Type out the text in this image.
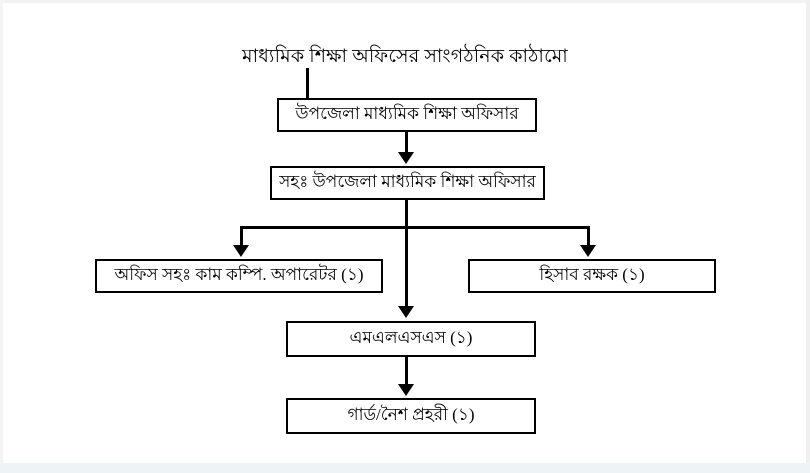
মাধ্যমিক শিক্ষা অফিসের সাংগঠনিক কাঠামো
উপজেলা মাধ্যমিক শিক্ষা অফিসার
সহঃ উপজেলা মাধ্যমিক শিক্ষা অফিসার
অফিস সহঃ কাম কম্পি. অপারেটর (১)	হিসাব রক্ষক (১)
এমএলএসএস (১)
গার্ড/নৈশ প্রহরী (১)
